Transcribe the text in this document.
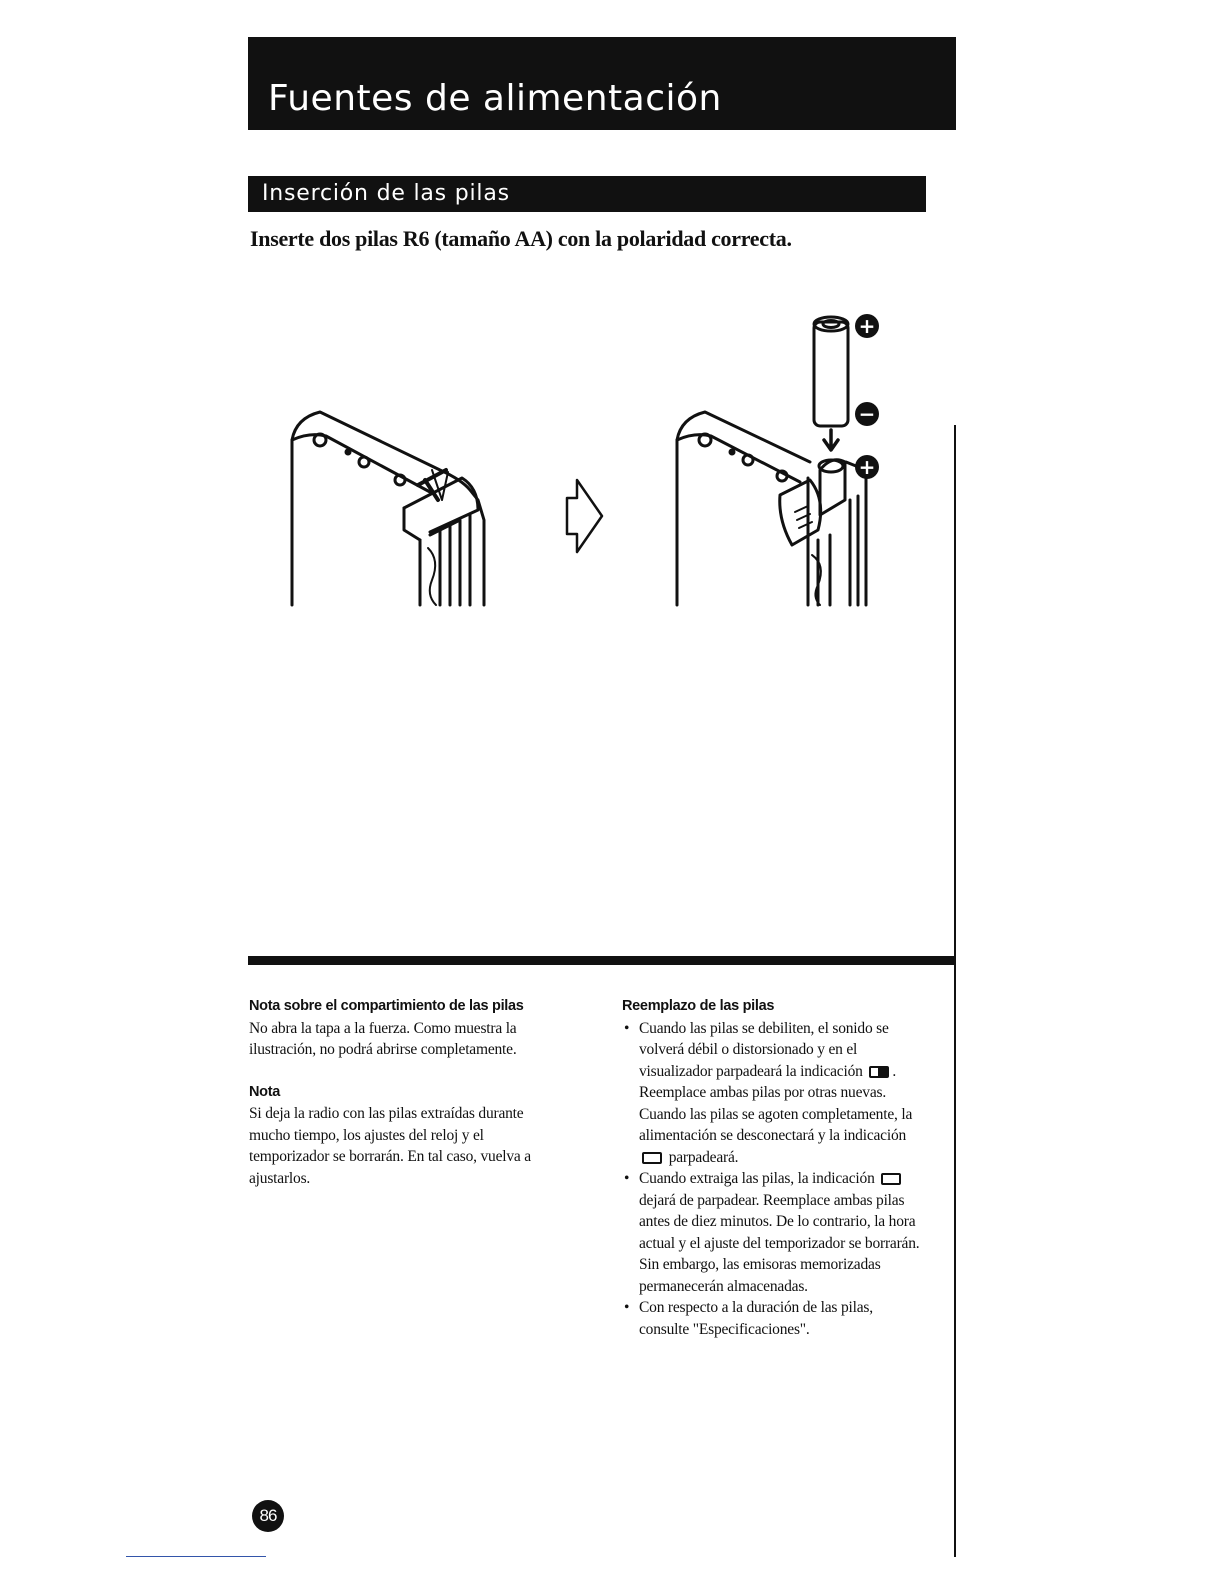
Fuentes de alimentación
Inserción de las pilas
Inserte dos pilas R6 (tamaño AA) con la polaridad correcta.
+
−
+
Nota sobre el compartimiento de las pilas

No abra la tapa a la fuerza. Como muestra la ilustración, no podrá abrirse completamente.

Nota

Si deja la radio con las pilas extraídas durante mucho tiempo, los ajustes del reloj y el temporizador se borrarán. En tal caso, vuelva a ajustarlos.

Reemplazo de las pilas
• Cuando las pilas se debiliten, el sonido se volverá débil o distorsionado y en el visualizador parpadeará la indicación .
Reemplace ambas pilas por otras nuevas.
Cuando las pilas se agoten completamente, la alimentación se desconectará y la indicación  parpadeará.
• Cuando extraiga las pilas, la indicación  dejará de parpadear. Reemplace ambas pilas antes de diez minutos. De lo contrario, la hora actual y el ajuste del temporizador se borrarán. Sin embargo, las emisoras memorizadas permanecerán almacenadas.
• Con respecto a la duración de las pilas, consulte "Especificaciones".
86
